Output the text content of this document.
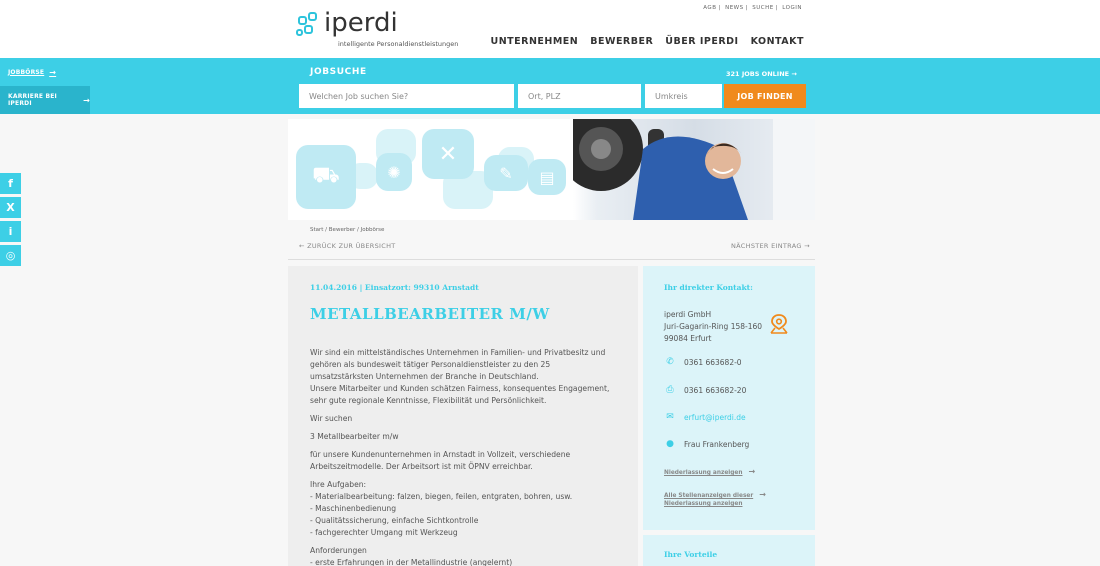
iperdi
intelligente Personaldienstleistungen
AGB | NEWS | SUCHE | LOGIN
UNTERNEHMEN BEWERBER ÜBER IPERDI KONTAKT
JOBBÖRSE →
KARRIERE BEI IPERDI	→
JOBSUCHE	321 JOBS ONLINE →
Welchen Job suchen Sie?	Ort, PLZ	Umkreis	JOB FINDEN
f
X
i
◎
⛟	✺
✕
✎	▤
Start / Bewerber / Jobbörse
← ZURÜCK ZUR ÜBERSICHT	NÄCHSTER EINTRAG →
11.04.2016 | Einsatzort: 99310 Arnstadt
METALLBEARBEITER M/W

Wir sind ein mittelständisches Unternehmen in Familien- und Privatbesitz und gehören als bundesweit tätiger Personaldienstleister zu den 25 umsatzstärksten Unternehmen der Branche in Deutschland.
Unsere Mitarbeiter und Kunden schätzen Fairness, konsequentes Engagement, sehr gute regionale Kenntnisse, Flexibilität und Persönlichkeit.

Wir suchen

3 Metallbearbeiter m/w

für unsere Kundenunternehmen in Arnstadt in Vollzeit, verschiedene Arbeitszeitmodelle. Der Arbeitsort ist mit ÖPNV erreichbar.

Ihre Aufgaben:
- Materialbearbeitung: falzen, biegen, feilen, entgraten, bohren, usw.
- Maschinenbedienung
- Qualitätssicherung, einfache Sichtkontrolle
- fachgerechter Umgang mit Werkzeug

Anforderungen
- erste Erfahrungen in der Metallindustrie (angelernt)

Ihr direkter Kontakt:
iperdi GmbH
Juri-Gagarin-Ring 158-160
99084 Erfurt
✆ 0361 663682-0
⎙	0361 663682-20
✉ erfurt@iperdi.de
● Frau Frankenberg
Niederlassung anzeigen →
Alle Stellenanzeigen dieser →
Niederlassung anzeigen
Ihre Vorteile
